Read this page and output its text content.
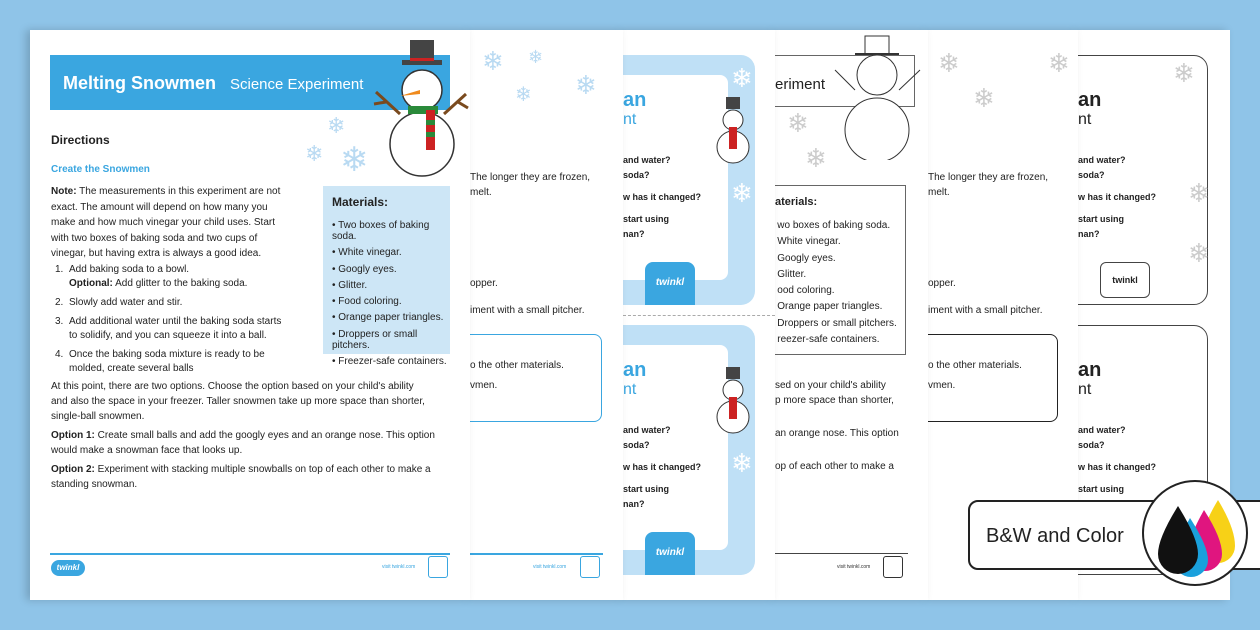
❄
❄
❄
an
nt
and water?
soda?
w has it changed?
start using
nan?
twinkl
an
nt
and water?
soda?
w has it changed?
start using
❄
❄
❄
The longer they are frozen,
melt.
opper.
iment with a small pitcher.
o the other materials.
vmen.
eriment
❄
❄
aterials:
• wo boxes of baking soda.
• White vinegar.
• Googly eyes.
• Glitter.
• ood coloring.
• Orange paper triangles.
• Droppers or small pitchers.
• reezer-safe containers.
sed on your child's ability
p more space than shorter,
an orange nose. This option
op of each other to make a
visit twinkl.com
❄
❄
❄
an
nt
and water?
soda?
w has it changed?
start using
nan?
twinkl
an
nt
and water?
soda?
w has it changed?
start using
nan?
twinkl
❄ ❄
❄ ❄
The longer they are frozen,
melt.
opper.
iment with a small pitcher.
o the other materials.
vmen.
visit twinkl.com
Melting Snowmen Science Experiment
❄
❄ ❄
Directions
Create the Snowmen
Note: The measurements in this experiment are not
exact. The amount will depend on how many you
make and how much vinegar your child uses. Start
with two boxes of baking soda and two cups of
vinegar, but having extra is always a good idea.
1. Add baking soda to a bowl.
Optional: Add glitter to the baking soda.
2. Slowly add water and stir.
3. Add additional water until the baking soda starts
to solidify, and you can squeeze it into a ball.
4. Once the baking soda mixture is ready to be
molded, create several balls
Materials:
• Two boxes of baking soda.
• White vinegar.
• Googly eyes.
• Glitter.
• Food coloring.
• Orange paper triangles.
• Droppers or small pitchers.
• Freezer-safe containers.
At this point, there are two options. Choose the option based on your child's ability
and also the space in your freezer. Taller snowmen take up more space than shorter,
single-ball snowmen.
Option 1: Create small balls and add the googly eyes and an orange nose. This option
would make a snowman face that looks up.
Option 2: Experiment with stacking multiple snowballs on top of each other to make a
standing snowman.
twinkl	visit twinkl.com
B&W and Color
